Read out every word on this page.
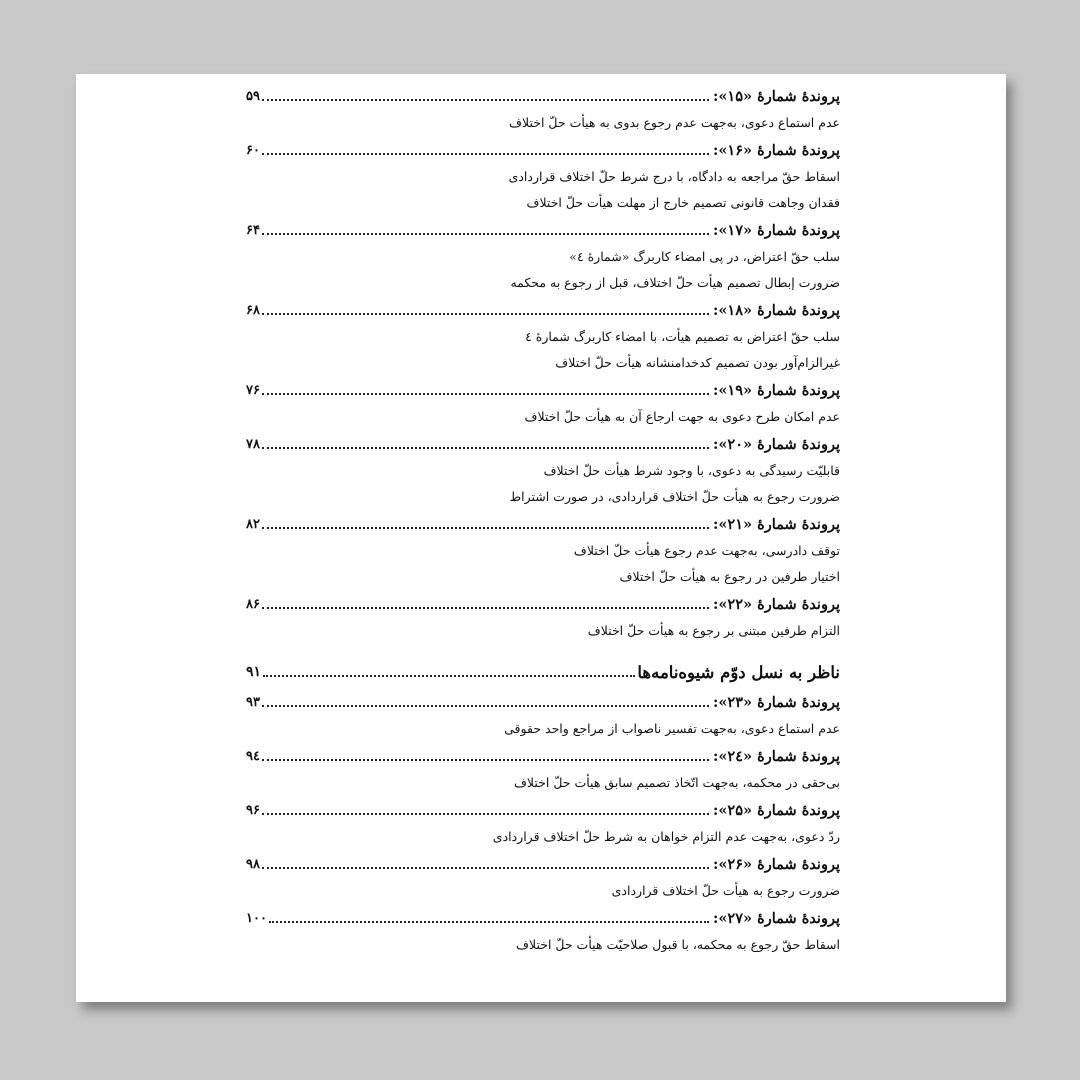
پروندۀ شمارۀ «۱۵»:
۵۹
عدم استماع دعوی، به‌جهت عدم رجوع بدوی به هیأت حلّ اختلاف
پروندۀ شمارۀ «۱۶»:
۶۰
اسقاط حقّ مراجعه به دادگاه، با درج شرط حلّ اختلاف قراردادی
فقدان وجاهت قانونی تصمیم خارج از مهلت هیأت حلّ اختلاف
پروندۀ شمارۀ «۱۷»:
۶۴
سلب حقّ اعتراض، در پی امضاء کاربرگ «شمارۀ ٤»
ضرورت إبطال تصمیم هیأت حلّ اختلاف، قبل از رجوع به محکمه
پروندۀ شمارۀ «۱۸»:
۶۸
سلب حقّ اعتراض به تصمیم هیأت، با امضاء کاربرگ شمارۀ ٤
غیرالزام‌آور بودن تصمیم کدخدامنشانه هیأت حلّ اختلاف
پروندۀ شمارۀ «۱۹»:
۷۶
عدم امکان طرح دعوی به جهت ارجاع آن به هیأت حلّ اختلاف
پروندۀ شمارۀ «۲۰»:
۷۸
قابلیّت رسیدگی به دعوی، با وجود شرط هیأت حلّ اختلاف
ضرورت رجوع به هیأت حلّ اختلاف قراردادی، در صورت اشتراط
پروندۀ شمارۀ «۲۱»:
۸۲
توقف دادرسی، به‌جهت عدم رجوع هیأت حلّ اختلاف
اختیار طرفین در رجوع به هیأت حلّ اختلاف
پروندۀ شمارۀ «۲۲»:
۸۶
التزام طرفین مبتنی بر رجوع به هیأت حلّ اختلاف
ناظر به نسل دوّم شیوه‌نامه‌ها
۹۱
پروندۀ شمارۀ «۲۳»:
۹۳
عدم استماع دعوی، به‌جهت تفسیر ناصواب از مراجع واحد حقوقی
پروندۀ شمارۀ «۲٤»:
۹٤
بی‌حقی در محکمه، به‌جهت اتّخاذ تصمیم سابق هیأت حلّ اختلاف
پروندۀ شمارۀ «۲۵»:
۹۶
ردّ دعوی، به‌جهت عدم التزام خواهان به شرط حلّ اختلاف قراردادی
پروندۀ شمارۀ «۲۶»:
۹۸
ضرورت رجوع به هیأت حلّ اختلاف قراردادی
پروندۀ شمارۀ «۲۷»:
۱۰۰
اسقاط حقّ رجوع به محکمه، با قبول صلاحیّت هیأت حلّ اختلاف
